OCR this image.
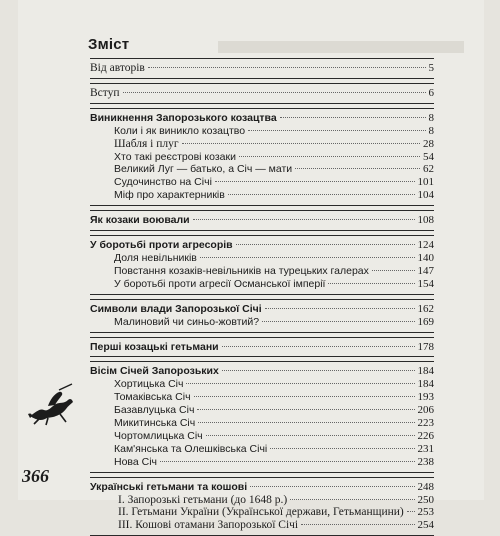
Зміст
Від авторів	5
Вступ	6
Виникнення Запорозького козацтва	8
Коли і як виникло козацтво	8
Шабля і плуг	28
Хто такі реєстрові козаки	54
Великий Луг — батько, а Січ — мати	62
Судочинство на Січі	101
Міф про характерників	104
Як козаки воювали	108
У боротьбі проти агресорів	124
Доля невільників	140
Повстання козаків-невільників на турецьких галерах	147
У боротьбі проти агресії Османської імперії	154
Символи влади Запорозької Січі	162
Малиновий чи синьо-жовтий?	169
Перші козацькі гетьмани	178
Вісім Січей Запорозьких	184
Хортицька Січ	184
Томаківська Січ	193
Базавлуцька Січ	206
Микитинська Січ	223
Чортомлицька Січ	226
Кам'янська та Олешківська Січі	231
Нова Січ	238
Українські гетьмани та кошові	248
І. Запорозькі гетьмани (до 1648 р.)	250
ІІ. Гетьмани України (Української держави, Гетьманщини) 253
ІІІ. Кошові отамани Запорозької Січі	254
366
